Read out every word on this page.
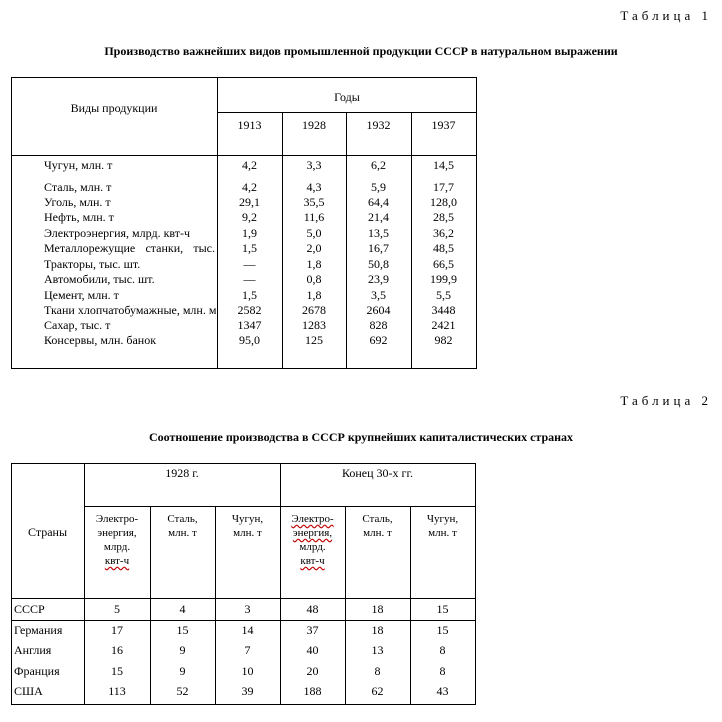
Таблица 1
Производство важнейших видов промышленной продукции СССР в натуральном выражении
Виды продукции
Годы
1913	1928	1932	1937
Чугун, млн. т	4,2	3,3	6,2	14,5
Сталь, млн. т	4,2	4,3	5,9	17,7
Уголь, млн. т	29,1	35,5	64,4	128,0
Нефть, млн. т	9,2	11,6	21,4	28,5
Электроэнергия, млрд. квт-ч	1,9	5,0	13,5	36,2
Металлорежущие станки, тыс.	1,5	2,0	16,7	48,5
Тракторы, тыс. шт.	—	1,8	50,8	66,5
Автомобили, тыс. шт.	—	0,8	23,9	199,9
Цемент, млн. т	1,5	1,8	3,5	5,5
Ткани хлопчатобумажные, млн. м	2582	2678	2604	3448
Сахар, тыс. т	1347	1283	828	2421
Консервы, млн. банок	95,0	125	692	982
Таблица 2
Соотношение производства в СССР крупнейших капиталистических странах
Страны
1928 г.	Конец 30-х гг.
Электро-
энергия,
млрд.
квт-ч
Сталь,
млн. т
Чугун,
млн. т
Электро-
энергия,
млрд.
квт-ч
Сталь,
млн. т
Чугун,
млн. т
СССР	5	4	3	48	18	15
Германия	17	15	14	37	18	15
Англия	16	9	7	40	13	8
Франция	15	9	10	20	8	8
США	113	52	39	188	62	43
